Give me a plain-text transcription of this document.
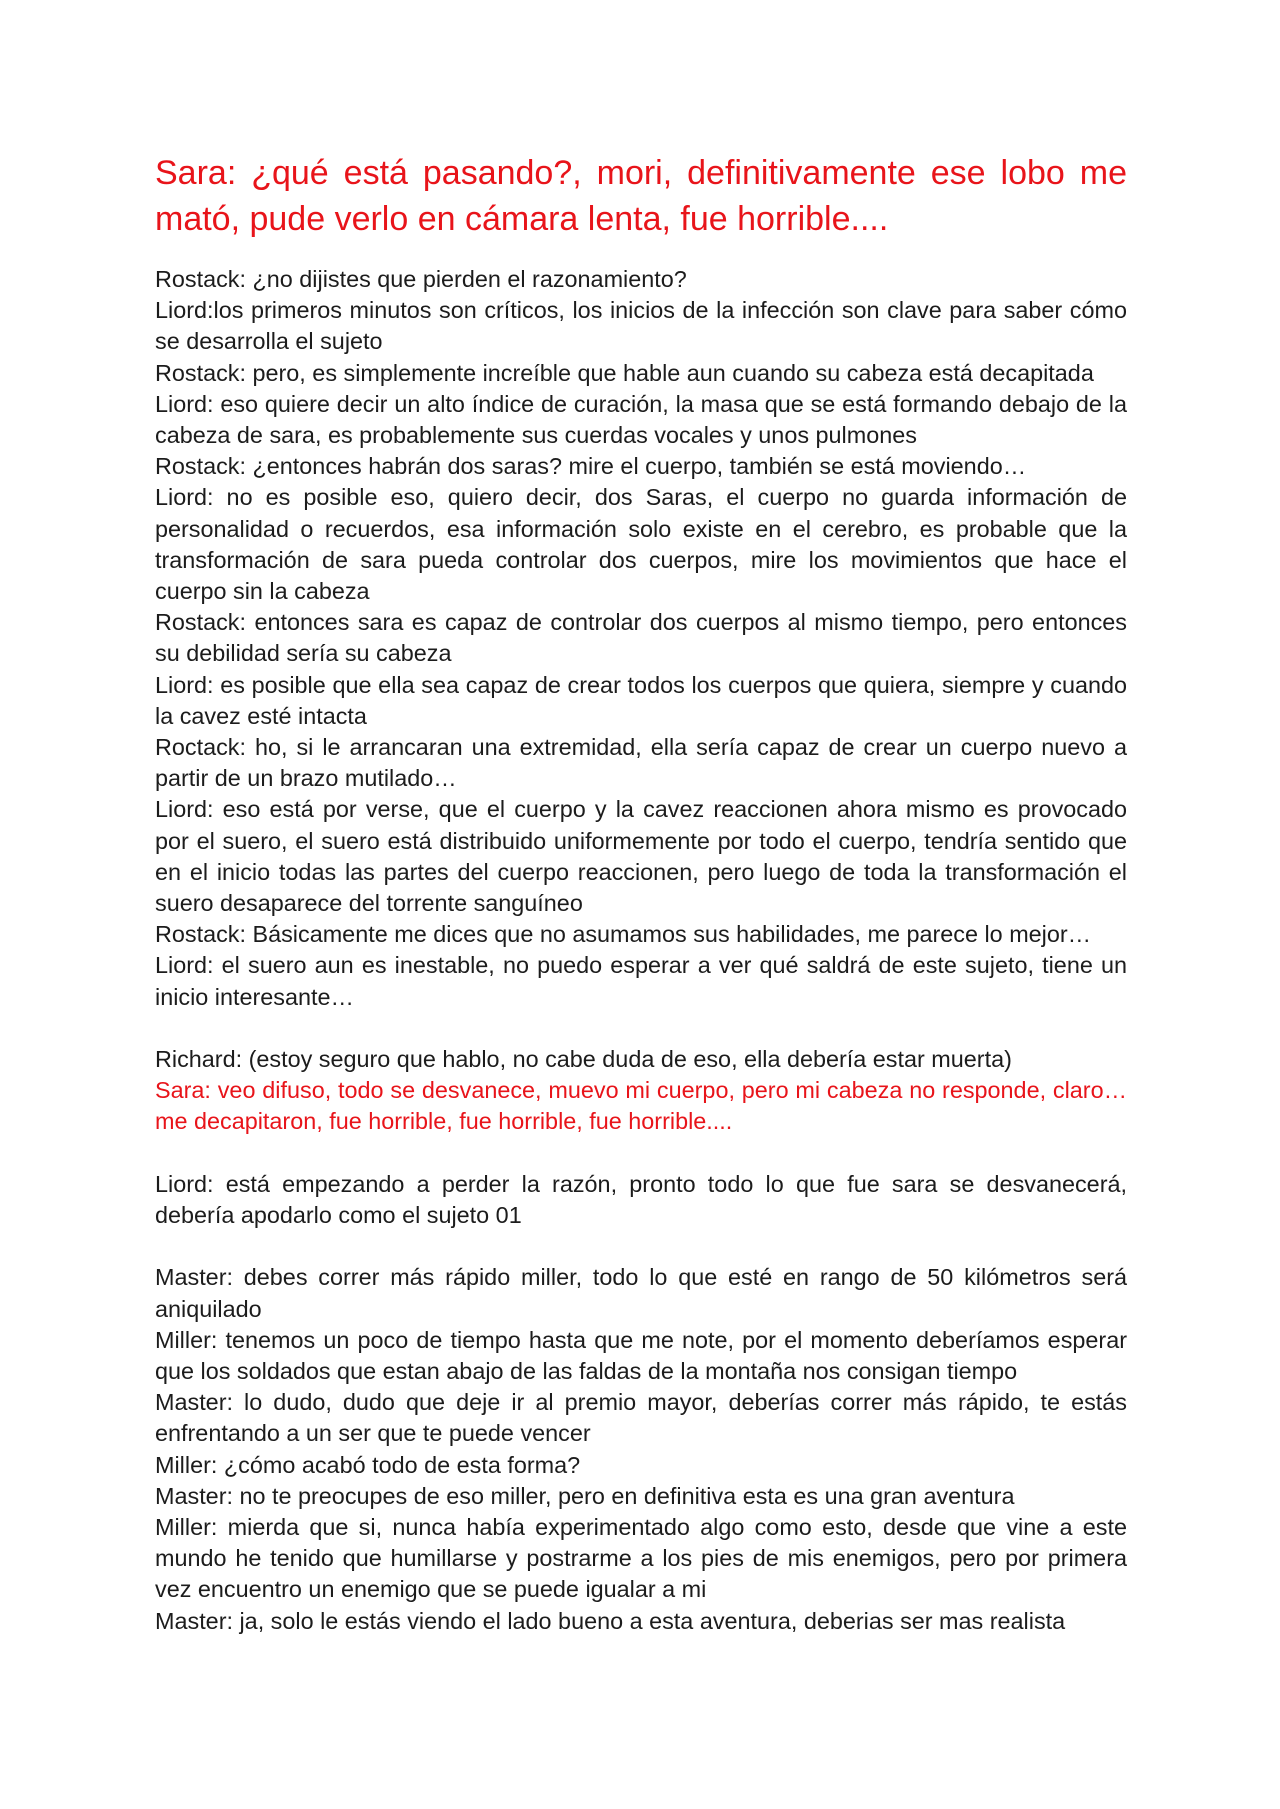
Sara: ¿qué está pasando?, mori, definitivamente ese lobo me mató, pude verlo en cámara lenta, fue horrible....

Rostack: ¿no dijistes que pierden el razonamiento?

Liord:los primeros minutos son críticos, los inicios de la infección son clave para saber cómo se desarrolla el sujeto

Rostack: pero, es simplemente increíble que hable aun cuando su cabeza está decapitada

Liord: eso quiere decir un alto índice de curación, la masa que se está formando debajo de la cabeza de sara, es probablemente sus cuerdas vocales y unos pulmones

Rostack: ¿entonces habrán dos saras? mire el cuerpo, también se está moviendo…

Liord: no es posible eso, quiero decir, dos Saras, el cuerpo no guarda información de personalidad o recuerdos, esa información solo existe en el cerebro, es probable que la transformación de sara pueda controlar dos cuerpos, mire los movimientos que hace el cuerpo sin la cabeza

Rostack: entonces sara es capaz de controlar dos cuerpos al mismo tiempo, pero entonces su debilidad sería su cabeza

Liord: es posible que ella sea capaz de crear todos los cuerpos que quiera, siempre y cuando la cavez esté intacta

Roctack: ho, si le arrancaran una extremidad, ella sería capaz de crear un cuerpo nuevo a partir de un brazo mutilado…

Liord: eso está por verse, que el cuerpo y la cavez reaccionen ahora mismo es provocado por el suero, el suero está distribuido uniformemente por todo el cuerpo, tendría sentido que en el inicio todas las partes del cuerpo reaccionen, pero luego de toda la transformación el suero desaparece del torrente sanguíneo

Rostack: Básicamente me dices que no asumamos sus habilidades, me parece lo mejor…

Liord: el suero aun es inestable, no puedo esperar a ver qué saldrá de este sujeto, tiene un inicio interesante…

Richard: (estoy seguro que hablo, no cabe duda de eso, ella debería estar muerta)

Sara: veo difuso, todo se desvanece, muevo mi cuerpo, pero mi cabeza no responde, claro… me decapitaron, fue horrible, fue horrible, fue horrible....

Liord: está empezando a perder la razón, pronto todo lo que fue sara se desvanecerá, debería apodarlo como el sujeto 01

Master: debes correr más rápido miller, todo lo que esté en rango de 50 kilómetros será aniquilado

Miller: tenemos un poco de tiempo hasta que me note, por el momento deberíamos esperar que los soldados que estan abajo de las faldas de la montaña nos consigan tiempo

Master: lo dudo, dudo que deje ir al premio mayor, deberías correr más rápido, te estás enfrentando a un ser que te puede vencer

Miller: ¿cómo acabó todo de esta forma?

Master: no te preocupes de eso miller, pero en definitiva esta es una gran aventura

Miller: mierda que si, nunca había experimentado algo como esto, desde que vine a este mundo he tenido que humillarse y postrarme a los pies de mis enemigos, pero por primera vez encuentro un enemigo que se puede igualar a mi

Master: ja, solo le estás viendo el lado bueno a esta aventura, deberias ser mas realista
